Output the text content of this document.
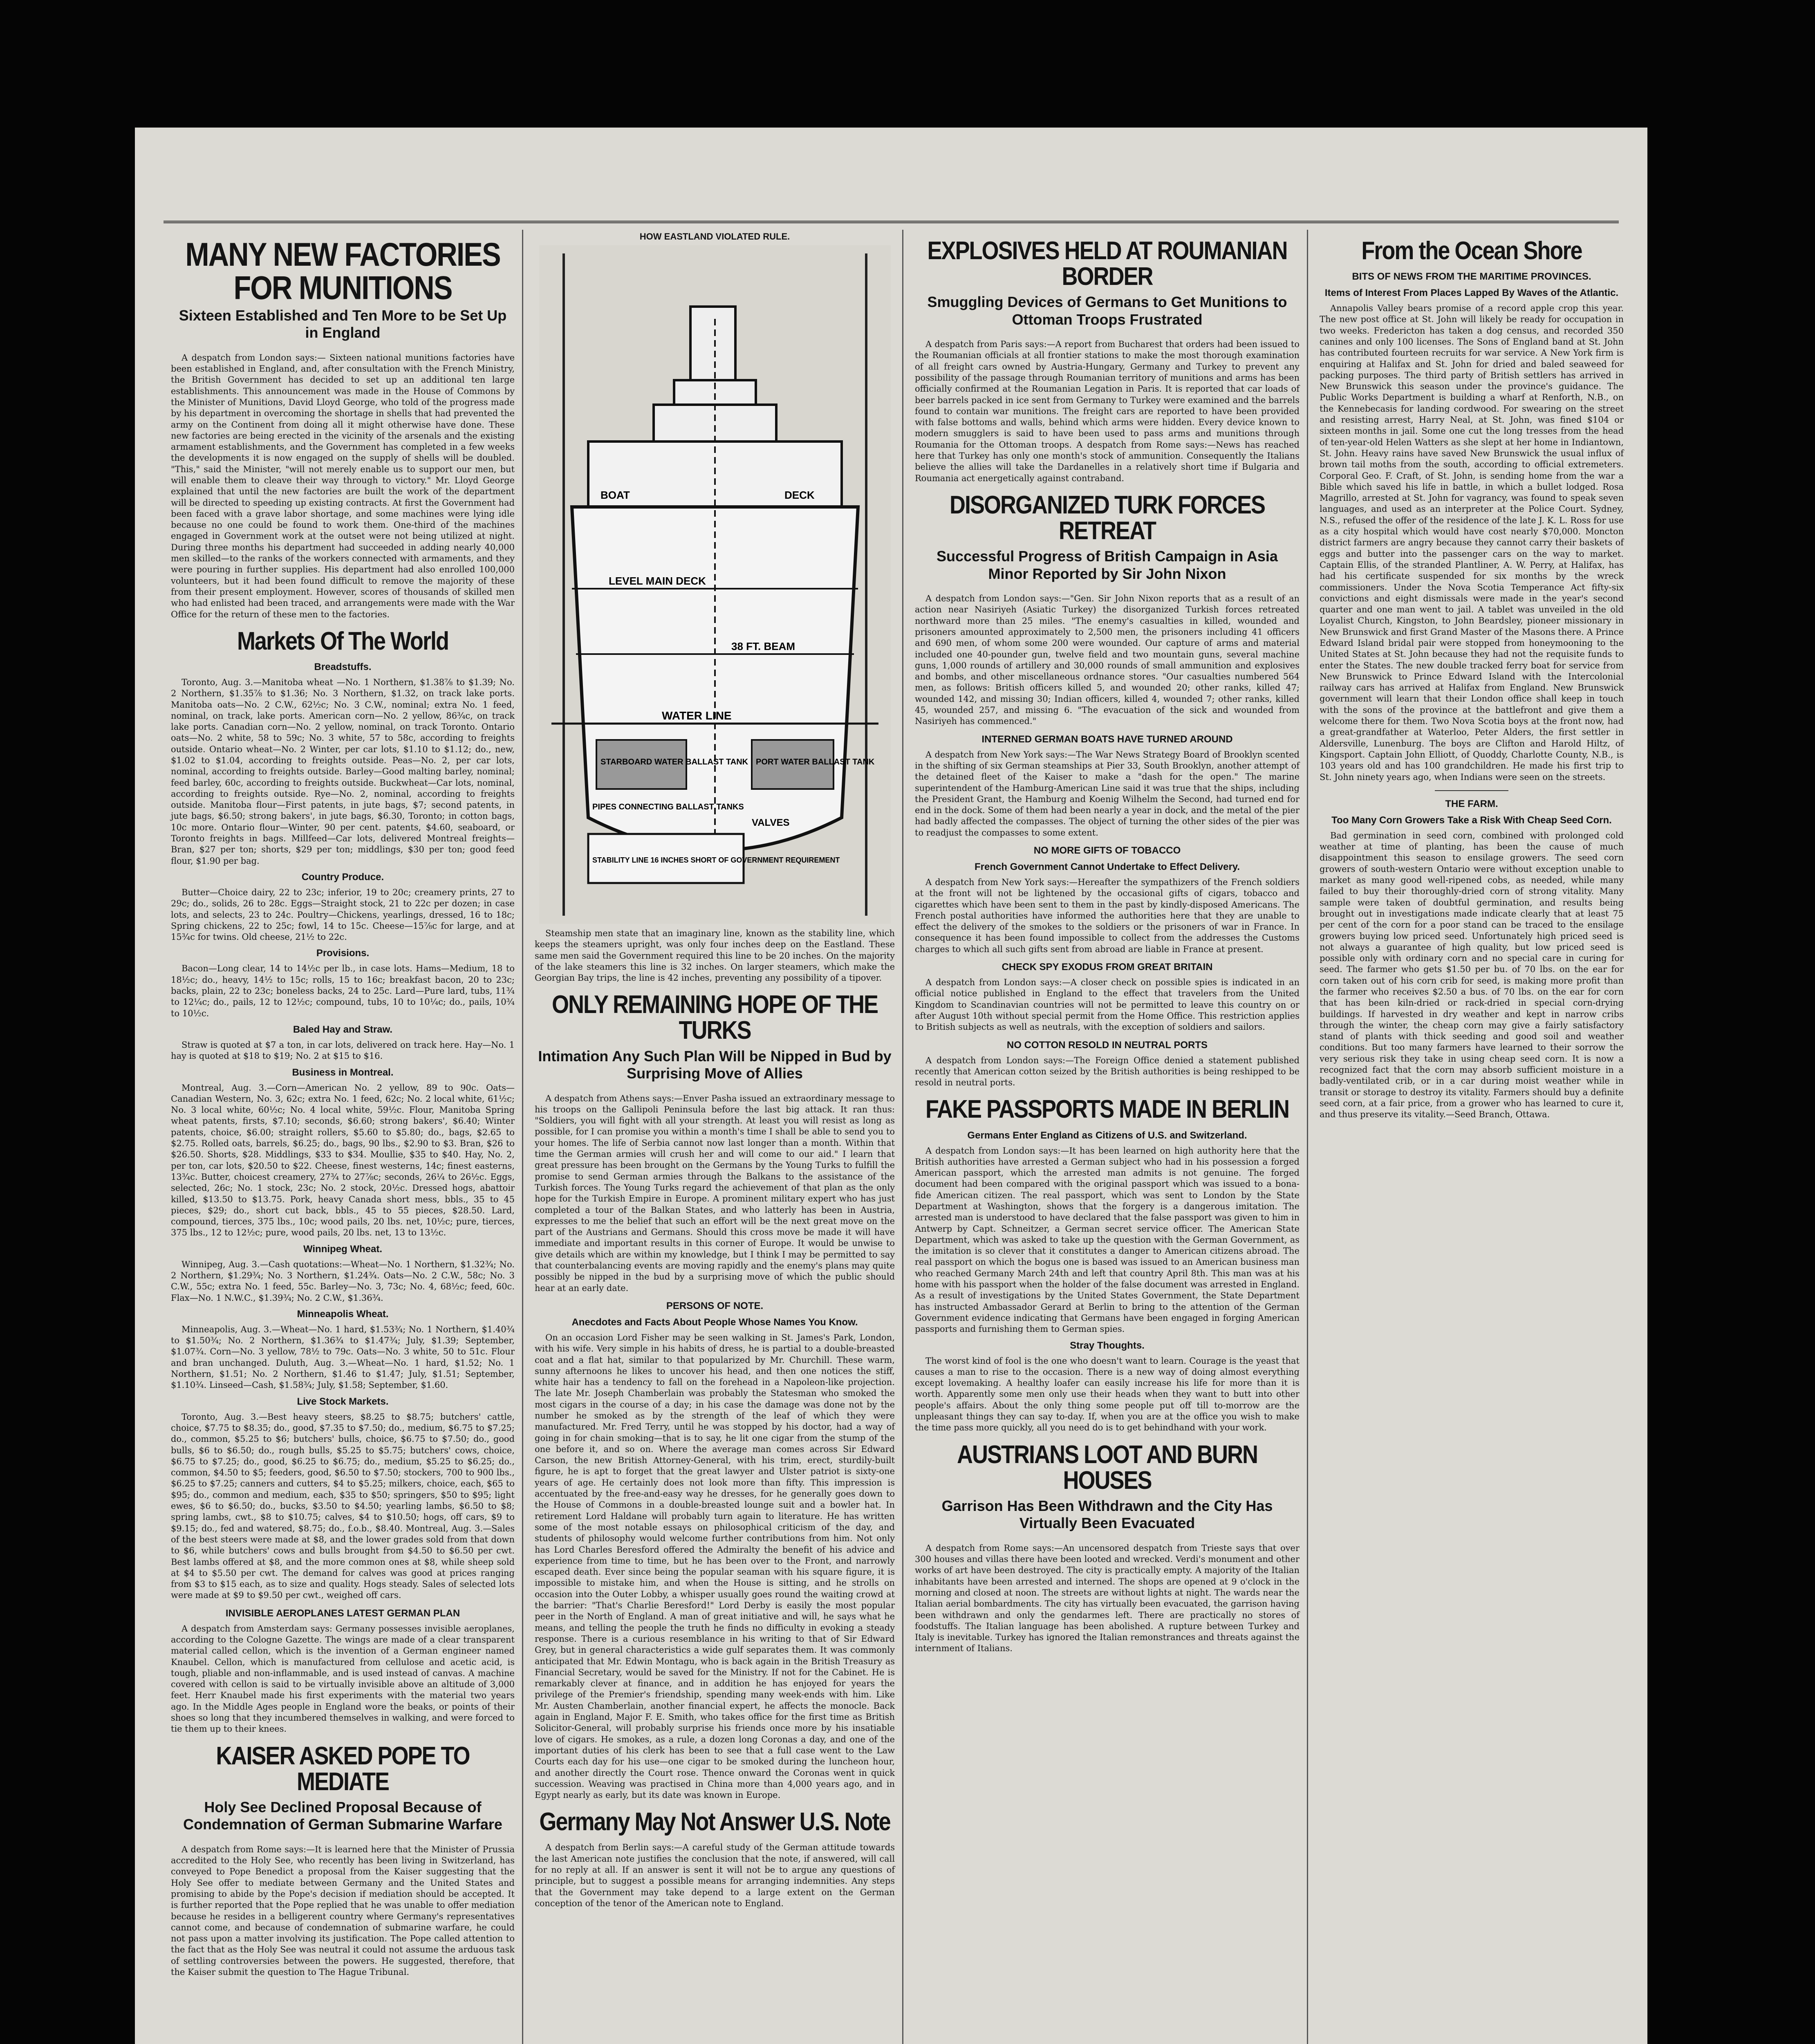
MANY NEW FACTORIES FOR MUNITIONS
Sixteen Established and Ten More to be Set Up in England

A despatch from London says:— Sixteen national munitions factories have been established in England, and, after consultation with the French Ministry, the British Government has decided to set up an additional ten large establishments. This announcement was made in the House of Commons by the Minister of Munitions, David Lloyd George, who told of the progress made by his department in overcoming the shortage in shells that had prevented the army on the Continent from doing all it might otherwise have done. These new factories are being erected in the vicinity of the arsenals and the existing armament establishments, and the Government has completed in a few weeks the developments it is now engaged on the supply of shells will be doubled. "This," said the Minister, "will not merely enable us to support our men, but will enable them to cleave their way through to victory." Mr. Lloyd George explained that until the new factories are built the work of the department will be directed to speeding up existing contracts. At first the Government had been faced with a grave labor shortage, and some machines were lying idle because no one could be found to work them. One-third of the machines engaged in Government work at the outset were not being utilized at night. During three months his department had succeeded in adding nearly 40,000 men skilled—to the ranks of the workers connected with armaments, and they were pouring in further supplies. His department had also enrolled 100,000 volunteers, but it had been found difficult to remove the majority of these from their present employment. However, scores of thousands of skilled men who had enlisted had been traced, and arrangements were made with the War Office for the return of these men to the factories.

Markets Of The World
Breadstuffs.

Toronto, Aug. 3.—Manitoba wheat —No. 1 Northern, $1.38⅞ to $1.39; No. 2 Northern, $1.35⅞ to $1.36; No. 3 Northern, $1.32, on track lake ports. Manitoba oats—No. 2 C.W., 62½c; No. 3 C.W., nominal; extra No. 1 feed, nominal, on track, lake ports. American corn—No. 2 yellow, 86¾c, on track lake ports. Canadian corn—No. 2 yellow, nominal, on track Toronto. Ontario oats—No. 2 white, 58 to 59c; No. 3 white, 57 to 58c, according to freights outside. Ontario wheat—No. 2 Winter, per car lots, $1.10 to $1.12; do., new, $1.02 to $1.04, according to freights outside. Peas—No. 2, per car lots, nominal, according to freights outside. Barley—Good malting barley, nominal; feed barley, 60c, according to freights outside. Buckwheat—Car lots, nominal, according to freights outside. Rye—No. 2, nominal, according to freights outside. Manitoba flour—First patents, in jute bags, $7; second patents, in jute bags, $6.50; strong bakers', in jute bags, $6.30, Toronto; in cotton bags, 10c more. Ontario flour—Winter, 90 per cent. patents, $4.60, seaboard, or Toronto freights in bags. Millfeed—Car lots, delivered Montreal freights—Bran, $27 per ton; shorts, $29 per ton; middlings, $30 per ton; good feed flour, $1.90 per bag.

Country Produce.

Butter—Choice dairy, 22 to 23c; inferior, 19 to 20c; creamery prints, 27 to 29c; do., solids, 26 to 28c. Eggs—Straight stock, 21 to 22c per dozen; in case lots, and selects, 23 to 24c. Poultry—Chickens, yearlings, dressed, 16 to 18c; Spring chickens, 22 to 25c; fowl, 14 to 15c. Cheese—15⅞c for large, and at 15¾c for twins. Old cheese, 21½ to 22c.

Provisions.

Bacon—Long clear, 14 to 14½c per lb., in case lots. Hams—Medium, 18 to 18½c; do., heavy, 14½ to 15c; rolls, 15 to 16c; breakfast bacon, 20 to 23c; backs, plain, 22 to 23c; boneless backs, 24 to 25c. Lard—Pure lard, tubs, 11¾ to 12¼c; do., pails, 12 to 12½c; compound, tubs, 10 to 10¼c; do., pails, 10¾ to 10½c.

Baled Hay and Straw.

Straw is quoted at $7 a ton, in car lots, delivered on track here. Hay—No. 1 hay is quoted at $18 to $19; No. 2 at $15 to $16.

Business in Montreal.

Montreal, Aug. 3.—Corn—American No. 2 yellow, 89 to 90c. Oats—Canadian Western, No. 3, 62c; extra No. 1 feed, 62c; No. 2 local white, 61½c; No. 3 local white, 60½c; No. 4 local white, 59½c. Flour, Manitoba Spring wheat patents, firsts, $7.10; seconds, $6.60; strong bakers', $6.40; Winter patents, choice, $6.00; straight rollers, $5.60 to $5.80; do., bags, $2.65 to $2.75. Rolled oats, barrels, $6.25; do., bags, 90 lbs., $2.90 to $3. Bran, $26 to $26.50. Shorts, $28. Middlings, $33 to $34. Moullie, $35 to $40. Hay, No. 2, per ton, car lots, $20.50 to $22. Cheese, finest westerns, 14c; finest easterns, 13¾c. Butter, choicest creamery, 27¾ to 27⅞c; seconds, 26¼ to 26½c. Eggs, selected, 26c; No. 1 stock, 23c; No. 2 stock, 20½c. Dressed hogs, abattoir killed, $13.50 to $13.75. Pork, heavy Canada short mess, bbls., 35 to 45 pieces, $29; do., short cut back, bbls., 45 to 55 pieces, $28.50. Lard, compound, tierces, 375 lbs., 10c; wood pails, 20 lbs. net, 10½c; pure, tierces, 375 lbs., 12 to 12½c; pure, wood pails, 20 lbs. net, 13 to 13½c.

Winnipeg Wheat.

Winnipeg, Aug. 3.—Cash quotations:—Wheat—No. 1 Northern, $1.32¾; No. 2 Northern, $1.29¾; No. 3 Northern, $1.24¾. Oats—No. 2 C.W., 58c; No. 3 C.W., 55c; extra No. 1 feed, 55c. Barley—No. 3, 73c; No. 4, 68½c; feed, 60c. Flax—No. 1 N.W.C., $1.39¾; No. 2 C.W., $1.36¾.

Minneapolis Wheat.

Minneapolis, Aug. 3.—Wheat—No. 1 hard, $1.53¾; No. 1 Northern, $1.40¾ to $1.50¾; No. 2 Northern, $1.36¾ to $1.47¾; July, $1.39; September, $1.07¾. Corn—No. 3 yellow, 78½ to 79c. Oats—No. 3 white, 50 to 51c. Flour and bran unchanged. Duluth, Aug. 3.—Wheat—No. 1 hard, $1.52; No. 1 Northern, $1.51; No. 2 Northern, $1.46 to $1.47; July, $1.51; September, $1.10¾. Linseed—Cash, $1.58¾; July, $1.58; September, $1.60.

Live Stock Markets.

Toronto, Aug. 3.—Best heavy steers, $8.25 to $8.75; butchers' cattle, choice, $7.75 to $8.35; do., good, $7.35 to $7.50; do., medium, $6.75 to $7.25; do., common, $5.25 to $6; butchers' bulls, choice, $6.75 to $7.50; do., good bulls, $6 to $6.50; do., rough bulls, $5.25 to $5.75; butchers' cows, choice, $6.75 to $7.25; do., good, $6.25 to $6.75; do., medium, $5.25 to $6.25; do., common, $4.50 to $5; feeders, good, $6.50 to $7.50; stockers, 700 to 900 lbs., $6.25 to $7.25; canners and cutters, $4 to $5.25; milkers, choice, each, $65 to $95; do., common and medium, each, $35 to $50; springers, $50 to $95; light ewes, $6 to $6.50; do., bucks, $3.50 to $4.50; yearling lambs, $6.50 to $8; spring lambs, cwt., $8 to $10.75; calves, $4 to $10.50; hogs, off cars, $9 to $9.15; do., fed and watered, $8.75; do., f.o.b., $8.40. Montreal, Aug. 3.—Sales of the best steers were made at $8, and the lower grades sold from that down to $6, while butchers' cows and bulls brought from $4.50 to $6.50 per cwt. Best lambs offered at $8, and the more common ones at $8, while sheep sold at $4 to $5.50 per cwt. The demand for calves was good at prices ranging from $3 to $15 each, as to size and quality. Hogs steady. Sales of selected lots were made at $9 to $9.50 per cwt., weighed off cars.

INVISIBLE AEROPLANES LATEST GERMAN PLAN

A despatch from Amsterdam says: Germany possesses invisible aeroplanes, according to the Cologne Gazette. The wings are made of a clear transparent material called cellon, which is the invention of a German engineer named Knaubel. Cellon, which is manufactured from cellulose and acetic acid, is tough, pliable and non-inflammable, and is used instead of canvas. A machine covered with cellon is said to be virtually invisible above an altitude of 3,000 feet. Herr Knaubel made his first experiments with the material two years ago. In the Middle Ages people in England wore the beaks, or points of their shoes so long that they incumbered themselves in walking, and were forced to tie them up to their knees.

KAISER ASKED POPE TO MEDIATE
Holy See Declined Proposal Because of Condemnation of German Submarine Warfare

A despatch from Rome says:—It is learned here that the Minister of Prussia accredited to the Holy See, who recently has been living in Switzerland, has conveyed to Pope Benedict a proposal from the Kaiser suggesting that the Holy See offer to mediate between Germany and the United States and promising to abide by the Pope's decision if mediation should be accepted. It is further reported that the Pope replied that he was unable to offer mediation because he resides in a belligerent country where Germany's representatives cannot come, and because of condemnation of submarine warfare, he could not pass upon a matter involving its justification. The Pope called attention to the fact that as the Holy See was neutral it could not assume the arduous task of settling controversies between the powers. He suggested, therefore, that the Kaiser submit the question to The Hague Tribunal.

HOW EASTLAND VIOLATED RULE.
BOAT	DECK
LEVEL MAIN DECK
38 FT. BEAM
WATER LINE
STARBOARD WATER BALLAST TANK PORT WATER BALLAST TANK
PIPES CONNECTING BALLAST TANKS
VALVES
STABILITY LINE 16 INCHES SHORT OF GOVERNMENT REQUIREMENT

Steamship men state that an imaginary line, known as the stability line, which keeps the steamers upright, was only four inches deep on the Eastland. These same men said the Government required this line to be 20 inches. On the majority of the lake steamers this line is 32 inches. On larger steamers, which make the Georgian Bay trips, the line is 42 inches, preventing any possibility of a tipover.

ONLY REMAINING HOPE OF THE TURKS
Intimation Any Such Plan Will be Nipped in Bud by Surprising Move of Allies

A despatch from Athens says:—Enver Pasha issued an extraordinary message to his troops on the Gallipoli Peninsula before the last big attack. It ran thus: "Soldiers, you will fight with all your strength. At least you will resist as long as possible, for I can promise you within a month's time I shall be able to send you to your homes. The life of Serbia cannot now last longer than a month. Within that time the German armies will crush her and will come to our aid." I learn that great pressure has been brought on the Germans by the Young Turks to fulfill the promise to send German armies through the Balkans to the assistance of the Turkish forces. The Young Turks regard the achievement of that plan as the only hope for the Turkish Empire in Europe. A prominent military expert who has just completed a tour of the Balkan States, and who latterly has been in Austria, expresses to me the belief that such an effort will be the next great move on the part of the Austrians and Germans. Should this cross move be made it will have immediate and important results in this corner of Europe. It would be unwise to give details which are within my knowledge, but I think I may be permitted to say that counterbalancing events are moving rapidly and the enemy's plans may quite possibly be nipped in the bud by a surprising move of which the public should hear at an early date.

PERSONS OF NOTE.
Anecdotes and Facts About People Whose Names You Know.

On an occasion Lord Fisher may be seen walking in St. James's Park, London, with his wife. Very simple in his habits of dress, he is partial to a double-breasted coat and a flat hat, similar to that popularized by Mr. Churchill. These warm, sunny afternoons he likes to uncover his head, and then one notices the stiff, white hair has a tendency to fall on the forehead in a Napoleon-like projection. The late Mr. Joseph Chamberlain was probably the Statesman who smoked the most cigars in the course of a day; in his case the damage was done not by the number he smoked as by the strength of the leaf of which they were manufactured. Mr. Fred Terry, until he was stopped by his doctor, had a way of going in for chain smoking—that is to say, he lit one cigar from the stump of the one before it, and so on. Where the average man comes across Sir Edward Carson, the new British Attorney-General, with his trim, erect, sturdily-built figure, he is apt to forget that the great lawyer and Ulster patriot is sixty-one years of age. He certainly does not look more than fifty. This impression is accentuated by the free-and-easy way he dresses, for he generally goes down to the House of Commons in a double-breasted lounge suit and a bowler hat. In retirement Lord Haldane will probably turn again to literature. He has written some of the most notable essays on philosophical criticism of the day, and students of philosophy would welcome further contributions from him. Not only has Lord Charles Beresford offered the Admiralty the benefit of his advice and experience from time to time, but he has been over to the Front, and narrowly escaped death. Ever since being the popular seaman with his square figure, it is impossible to mistake him, and when the House is sitting, and he strolls on occasion into the Outer Lobby, a whisper usually goes round the waiting crowd at the barrier: "That's Charlie Beresford!" Lord Derby is easily the most popular peer in the North of England. A man of great initiative and will, he says what he means, and telling the people the truth he finds no difficulty in evoking a steady response. There is a curious resemblance in his writing to that of Sir Edward Grey, but in general characteristics a wide gulf separates them. It was commonly anticipated that Mr. Edwin Montagu, who is back again in the British Treasury as Financial Secretary, would be saved for the Ministry. If not for the Cabinet. He is remarkably clever at finance, and in addition he has enjoyed for years the privilege of the Premier's friendship, spending many week-ends with him. Like Mr. Austen Chamberlain, another financial expert, he affects the monocle. Back again in England, Major F. E. Smith, who takes office for the first time as British Solicitor-General, will probably surprise his friends once more by his insatiable love of cigars. He smokes, as a rule, a dozen long Coronas a day, and one of the important duties of his clerk has been to see that a full case went to the Law Courts each day for his use—one cigar to be smoked during the luncheon hour, and another directly the Court rose. Thence onward the Coronas went in quick succession. Weaving was practised in China more than 4,000 years ago, and in Egypt nearly as early, but its date was known in Europe.

Germany May Not Answer U.S. Note

A despatch from Berlin says:—A careful study of the German attitude towards the last American note justifies the conclusion that the note, if answered, will call for no reply at all. If an answer is sent it will not be to argue any questions of principle, but to suggest a possible means for arranging indemnities. Any steps that the Government may take depend to a large extent on the German conception of the tenor of the American note to England.

EXPLOSIVES HELD AT ROUMANIAN BORDER
Smuggling Devices of Germans to Get Munitions to Ottoman Troops Frustrated

A despatch from Paris says:—A report from Bucharest that orders had been issued to the Roumanian officials at all frontier stations to make the most thorough examination of all freight cars owned by Austria-Hungary, Germany and Turkey to prevent any possibility of the passage through Roumanian territory of munitions and arms has been officially confirmed at the Roumanian Legation in Paris. It is reported that car loads of beer barrels packed in ice sent from Germany to Turkey were examined and the barrels found to contain war munitions. The freight cars are reported to have been provided with false bottoms and walls, behind which arms were hidden. Every device known to modern smugglers is said to have been used to pass arms and munitions through Roumania for the Ottoman troops. A despatch from Rome says:—News has reached here that Turkey has only one month's stock of ammunition. Consequently the Italians believe the allies will take the Dardanelles in a relatively short time if Bulgaria and Roumania act energetically against contraband.

DISORGANIZED TURK FORCES RETREAT
Successful Progress of British Campaign in Asia Minor Reported by Sir John Nixon

A despatch from London says:—"Gen. Sir John Nixon reports that as a result of an action near Nasiriyeh (Asiatic Turkey) the disorganized Turkish forces retreated northward more than 25 miles. "The enemy's casualties in killed, wounded and prisoners amounted approximately to 2,500 men, the prisoners including 41 officers and 690 men, of whom some 200 were wounded. Our capture of arms and material included one 40-pounder gun, twelve field and two mountain guns, several machine guns, 1,000 rounds of artillery and 30,000 rounds of small ammunition and explosives and bombs, and other miscellaneous ordnance stores. "Our casualties numbered 564 men, as follows: British officers killed 5, and wounded 20; other ranks, killed 47; wounded 142, and missing 30; Indian officers, killed 4, wounded 7; other ranks, killed 45, wounded 257, and missing 6. "The evacuation of the sick and wounded from Nasiriyeh has commenced."

INTERNED GERMAN BOATS HAVE TURNED AROUND

A despatch from New York says:—The War News Strategy Board of Brooklyn scented in the shifting of six German steamships at Pier 33, South Brooklyn, another attempt of the detained fleet of the Kaiser to make a "dash for the open." The marine superintendent of the Hamburg-American Line said it was true that the ships, including the President Grant, the Hamburg and Koenig Wilhelm the Second, had turned end for end in the dock. Some of them had been nearly a year in dock, and the metal of the pier had badly affected the compasses. The object of turning the other sides of the pier was to readjust the compasses to some extent.

NO MORE GIFTS OF TOBACCO
French Government Cannot Undertake to Effect Delivery.

A despatch from New York says:—Hereafter the sympathizers of the French soldiers at the front will not be lightened by the occasional gifts of cigars, tobacco and cigarettes which have been sent to them in the past by kindly-disposed Americans. The French postal authorities have informed the authorities here that they are unable to effect the delivery of the smokes to the soldiers or the prisoners of war in France. In consequence it has been found impossible to collect from the addresses the Customs charges to which all such gifts sent from abroad are liable in France at present.

CHECK SPY EXODUS FROM GREAT BRITAIN

A despatch from London says:—A closer check on possible spies is indicated in an official notice published in England to the effect that travelers from the United Kingdom to Scandinavian countries will not be permitted to leave this country on or after August 10th without special permit from the Home Office. This restriction applies to British subjects as well as neutrals, with the exception of soldiers and sailors.

NO COTTON RESOLD IN NEUTRAL PORTS

A despatch from London says:—The Foreign Office denied a statement published recently that American cotton seized by the British authorities is being reshipped to be resold in neutral ports.

FAKE PASSPORTS MADE IN BERLIN
Germans Enter England as Citizens of U.S. and Switzerland.

A despatch from London says:—It has been learned on high authority here that the British authorities have arrested a German subject who had in his possession a forged American passport, which the arrested man admits is not genuine. The forged document had been compared with the original passport which was issued to a bona-fide American citizen. The real passport, which was sent to London by the State Department at Washington, shows that the forgery is a dangerous imitation. The arrested man is understood to have declared that the false passport was given to him in Antwerp by Capt. Schneitzer, a German secret service officer. The American State Department, which was asked to take up the question with the German Government, as the imitation is so clever that it constitutes a danger to American citizens abroad. The real passport on which the bogus one is based was issued to an American business man who reached Germany March 24th and left that country April 8th. This man was at his home with his passport when the holder of the false document was arrested in England. As a result of investigations by the United States Government, the State Department has instructed Ambassador Gerard at Berlin to bring to the attention of the German Government evidence indicating that Germans have been engaged in forging American passports and furnishing them to German spies.

Stray Thoughts.

The worst kind of fool is the one who doesn't want to learn. Courage is the yeast that causes a man to rise to the occasion. There is a new way of doing almost everything except lovemaking. A healthy loafer can easily increase his life for more than it is worth. Apparently some men only use their heads when they want to butt into other people's affairs. About the only thing some people put off till to-morrow are the unpleasant things they can say to-day. If, when you are at the office you wish to make the time pass more quickly, all you need do is to get behindhand with your work.

AUSTRIANS LOOT AND BURN HOUSES
Garrison Has Been Withdrawn and the City Has Virtually Been Evacuated

A despatch from Rome says:—An uncensored despatch from Trieste says that over 300 houses and villas there have been looted and wrecked. Verdi's monument and other works of art have been destroyed. The city is practically empty. A majority of the Italian inhabitants have been arrested and interned. The shops are opened at 9 o'clock in the morning and closed at noon. The streets are without lights at night. The wards near the Italian aerial bombardments. The city has virtually been evacuated, the garrison having been withdrawn and only the gendarmes left. There are practically no stores of foodstuffs. The Italian language has been abolished. A rupture between Turkey and Italy is inevitable. Turkey has ignored the Italian remonstrances and threats against the internment of Italians.

From the Ocean Shore
BITS OF NEWS FROM THE MARITIME PROVINCES.
Items of Interest From Places Lapped By Waves of the Atlantic.

Annapolis Valley bears promise of a record apple crop this year. The new post office at St. John will likely be ready for occupation in two weeks. Fredericton has taken a dog census, and recorded 350 canines and only 100 licenses. The Sons of England band at St. John has contributed fourteen recruits for war service. A New York firm is enquiring at Halifax and St. John for dried and baled seaweed for packing purposes. The third party of British settlers has arrived in New Brunswick this season under the province's guidance. The Public Works Department is building a wharf at Renforth, N.B., on the Kennebecasis for landing cordwood. For swearing on the street and resisting arrest, Harry Neal, at St. John, was fined $104 or sixteen months in jail. Some one cut the long tresses from the head of ten-year-old Helen Watters as she slept at her home in Indiantown, St. John. Heavy rains have saved New Brunswick the usual influx of brown tail moths from the south, according to official extremeters. Corporal Geo. F. Craft, of St. John, is sending home from the war a Bible which saved his life in battle, in which a bullet lodged. Rosa Magrillo, arrested at St. John for vagrancy, was found to speak seven languages, and used as an interpreter at the Police Court. Sydney, N.S., refused the offer of the residence of the late J. K. L. Ross for use as a city hospital which would have cost nearly $70,000. Moncton district farmers are angry because they cannot carry their baskets of eggs and butter into the passenger cars on the way to market. Captain Ellis, of the stranded Plantliner, A. W. Perry, at Halifax, has had his certificate suspended for six months by the wreck commissioners. Under the Nova Scotia Temperance Act fifty-six convictions and eight dismissals were made in the year's second quarter and one man went to jail. A tablet was unveiled in the old Loyalist Church, Kingston, to John Beardsley, pioneer missionary in New Brunswick and first Grand Master of the Masons there. A Prince Edward Island bridal pair were stopped from honeymooning to the United States at St. John because they had not the requisite funds to enter the States. The new double tracked ferry boat for service from New Brunswick to Prince Edward Island with the Intercolonial railway cars has arrived at Halifax from England. New Brunswick government will learn that their London office shall keep in touch with the sons of the province at the battlefront and give them a welcome there for them. Two Nova Scotia boys at the front now, had a great-grandfather at Waterloo, Peter Alders, the first settler in Aldersville, Lunenburg. The boys are Clifton and Harold Hiltz, of Kingsport. Captain John Elliott, of Quoddy, Charlotte County, N.B., is 103 years old and has 100 grandchildren. He made his first trip to St. John ninety years ago, when Indians were seen on the streets.

THE FARM.
Too Many Corn Growers Take a Risk With Cheap Seed Corn.

Bad germination in seed corn, combined with prolonged cold weather at time of planting, has been the cause of much disappointment this season to ensilage growers. The seed corn growers of south-western Ontario were without exception unable to market as many good well-ripened cobs, as needed, while many failed to buy their thoroughly-dried corn of strong vitality. Many sample were taken of doubtful germination, and results being brought out in investigations made indicate clearly that at least 75 per cent of the corn for a poor stand can be traced to the ensilage growers buying low priced seed. Unfortunately high priced seed is not always a guarantee of high quality, but low priced seed is possible only with ordinary corn and no special care in curing for seed. The farmer who gets $1.50 per bu. of 70 lbs. on the ear for corn taken out of his corn crib for seed, is making more profit than the farmer who receives $2.50 a bus. of 70 lbs. on the ear for corn that has been kiln-dried or rack-dried in special corn-drying buildings. If harvested in dry weather and kept in narrow cribs through the winter, the cheap corn may give a fairly satisfactory stand of plants with thick seeding and good soil and weather conditions. But too many farmers have learned to their sorrow the very serious risk they take in using cheap seed corn. It is now a recognized fact that the corn may absorb sufficient moisture in a badly-ventilated crib, or in a car during moist weather while in transit or storage to destroy its vitality. Farmers should buy a definite seed corn, at a fair price, from a grower who has learned to cure it, and thus preserve its vitality.—Seed Branch, Ottawa.
